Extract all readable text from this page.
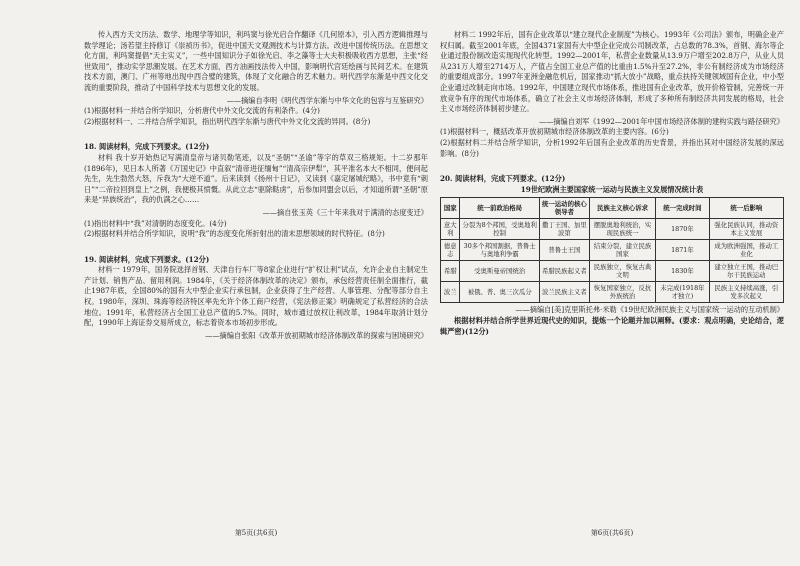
传入西方天文历法、数学、地理学等知识，利玛窦与徐光启合作翻译《几何原本》，引入西方逻辑推理与数学理论；汤若望主持修订《崇祯历书》，促进中国天文观测技术与计算方法。改进中国传统历法。在思想文化方面，利玛窦提倡“天主实义”，一些中国知识分子如徐光启、李之藻等士大夫积极吸收西方思想，主张“经世致用”，推动实学思潮发展。在艺术方面，西方油画技法传入中国，影响明代宫廷绘画与民间艺术。在建筑技术方面，澳门、广州等地出现中西合璧的建筑，体现了文化融合的艺术魅力。明代西学东渐是中西文化交流的重要阶段，推动了中国科学技术与思想文化的发展。

——摘编自李明《明代西学东渐与中华文化的包容与互鉴研究》

(1)根据材料一并结合所学知识，分析唐代中外文化交流的有利条件。(4分)

(2)根据材料一、二并结合所学知识，指出明代西学东渐与唐代中外文化交流的异同。(8分)

18. 阅读材料，完成下列要求。(12分)

材料 我十岁开始热记写满清皇帝与诸贝勒笔迹，以及“圣朝”“圣谕”等字的草双三格规矩。十二岁那年(1896年)，见日本人所著《万国史记》中直叙“清帝进征缅甸”“清高宗伊犁”，其平准名本大不相同，便问起先生，先生勃然大怒，斥我为“大逆不道”。后来读到《扬州十日记》，又读到《嘉定屠城纪略》，书中竟有“刺日”“二帝拉回到皇上”之例，我便极其愤慨。从此立志“驱除鞑虏”，后参加同盟会以后，才知道所谓“圣朝”原来是“异族统治”，我的仇满之心……

——摘自张玉英《三十年来我对于满清的态度变迁》

(1)指出材料中“我”对清朝的态度变化。(4分)

(2)根据材料并结合所学知识，说明“我”的态度变化所折射出的清末思想领域的时代特征。(8分)

19. 阅读材料，完成下列要求。(12分)

材料一 1979年，国务院选择首钢、天津自行车厂等8家企业进行“扩权让利”试点，允许企业自主制定生产计划、销售产品、留用利润。1984年，《关于经济体制改革的决定》颁布，承包经营责任制全面推行，截止1987年底，全国80%的国有大中型企业实行承包制，企业获得了生产经营、人事管理、分配等部分自主权。1980年，深圳、珠海等经济特区率先允许个体工商户经营，《宪法修正案》明确规定了私营经济的合法地位。1991年，私营经济占全国工业总产值的5.7%。同时，城市通过放权让利改革，1984年取消计划分配，1990年上海证券交易所成立，标志着资本市场初步形成。

——摘编自张阳《改革开放初期城市经济体制改革的探索与困境研究》

第5页(共6页)

材料二 1992年后，国有企业改革以“建立现代企业制度”为核心。1993年《公司法》颁布，明确企业产权归属。截至2001年底，全国4371家国有大中型企业完成公司制改革，占总数的78.3%，首钢、海尔等企业通过股份制改造实现现代化转型。1992—2001年，私营企业数量从13.9万户增至202.8万户，从业人员从231万人增至2714万人，产值占全国工业总产值的比重由1.5%升至27.2%，非公有制经济成为市场经济的重要组成部分。1997年亚洲金融危机后，国家推动“抓大放小”战略，重点扶持关键领域国有企业，中小型企业通过改制走向市场。1992年，中国建立现代市场体系，推进国有企业改革，放开价格管制，完善统一开放竞争有序的现代市场体系，确立了社会主义市场经济体制，形成了多种所有制经济共同发展的格局，社会主义市场经济体制初步建立。

——摘编自刘军《1992—2001年中国市场经济体制的建构实践与路径研究》

(1)根据材料一，概括改革开放初期城市经济体制改革的主要内容。(6分)

(2)根据材料二并结合所学知识，分析1992年后国有企业改革的历史背景，并指出其对中国经济发展的深远影响。(8分)

20. 阅读材料，完成下列要求。(12分)

19世纪欧洲主要国家统一运动与民族主义发展情况统计表

国家	统一前政治格局	统一运动的核心领导者	民族主义核心诉求	统一完成时间	统一后影响
意大利	分裂为8个邦国，受奥地利控制	撒丁王国、加里波第	摆脱奥地利统治，实现民族统一	1870年	强化民族认同，推动资本主义发展
德意志	30多个邦国割据，普鲁士与奥地利争霸	普鲁士王国	结束分裂，建立民族国家	1871年	成为欧洲强国，推动工业化
希腊	受奥斯曼帝国统治	希腊民族起义者	民族独立，恢复古典文明	1830年	建立独立王国，推动巴尔干民族运动
波兰	被俄、普、奥三次瓜分	波兰民族主义者	恢复国家独立，反抗外族统治	未完成(1918年才独立)	民族主义持续高涨，引发多次起义

——摘编自[美]克里斯托弗·米勒《19世纪欧洲民族主义与国家统一运动的互动机制》

根据材料并结合所学世界近现代史的知识，提炼一个论题并加以阐释。(要求：观点明确，史论结合，逻辑严密)(12分)

第6页(共6页)
